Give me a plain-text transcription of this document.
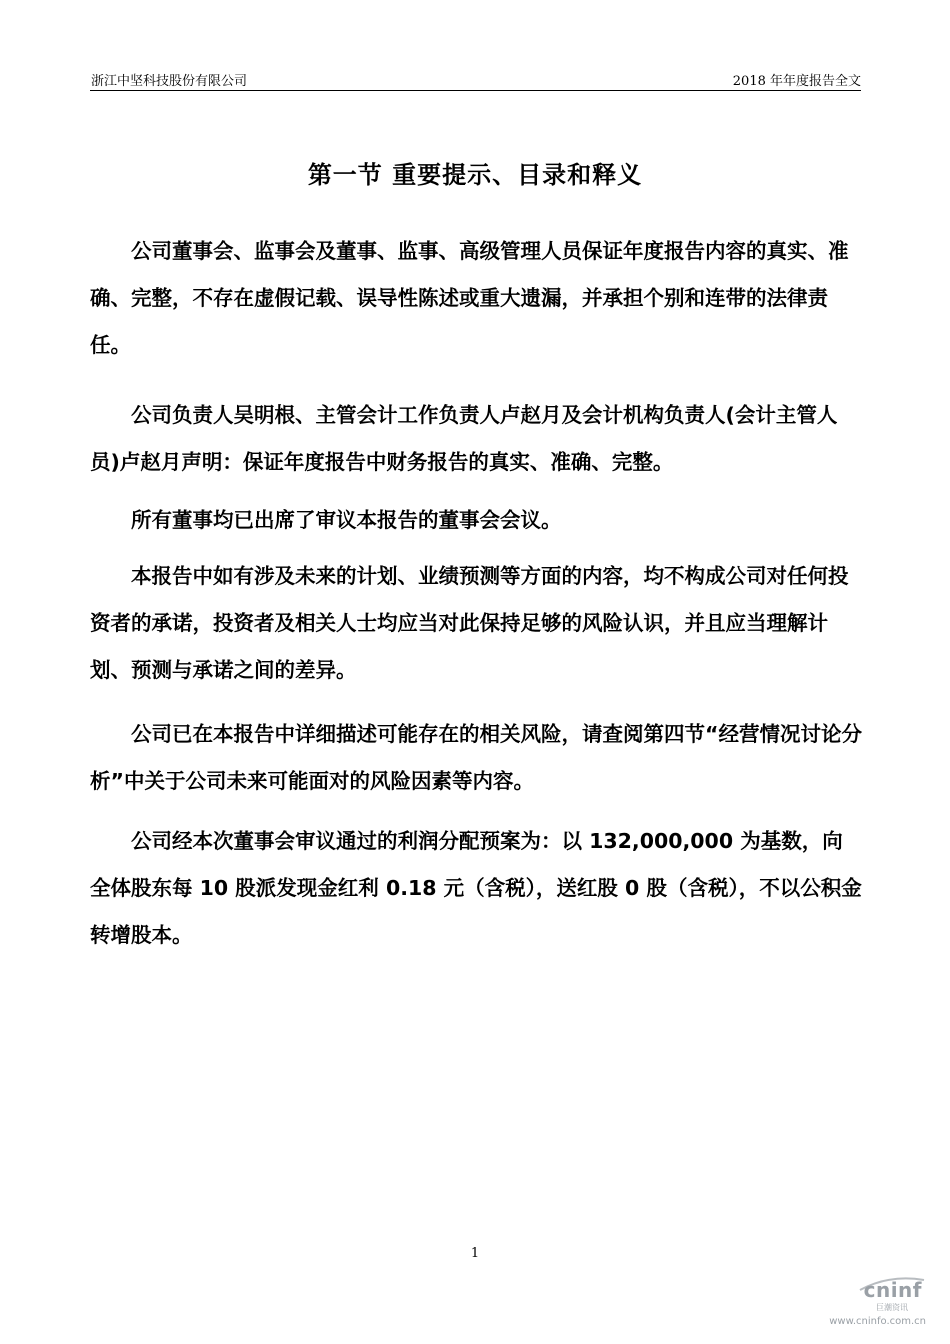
浙江中坚科技股份有限公司	2018 年年度报告全文
第一节 重要提示、目录和释义

公司董事会、监事会及董事、监事、高级管理人员保证年度报告内容的真实、准确、完整，不存在虚假记载、误导性陈述或重大遗漏，并承担个别和连带的法律责任。

公司负责人吴明根、主管会计工作负责人卢赵月及会计机构负责人(会计主管人员)卢赵月声明：保证年度报告中财务报告的真实、准确、完整。

所有董事均已出席了审议本报告的董事会会议。

本报告中如有涉及未来的计划、业绩预测等方面的内容，均不构成公司对任何投资者的承诺，投资者及相关人士均应当对此保持足够的风险认识，并且应当理解计划、预测与承诺之间的差异。

公司已在本报告中详细描述可能存在的相关风险，请查阅第四节“经营情况讨论分析”中关于公司未来可能面对的风险因素等内容。

公司经本次董事会审议通过的利润分配预案为：以 132,000,000 为基数，向全体股东每 10 股派发现金红利 0.18 元（含税），送红股 0 股（含税），不以公积金转增股本。

1
cninf
巨潮资讯
www.cninfo.com.cn
